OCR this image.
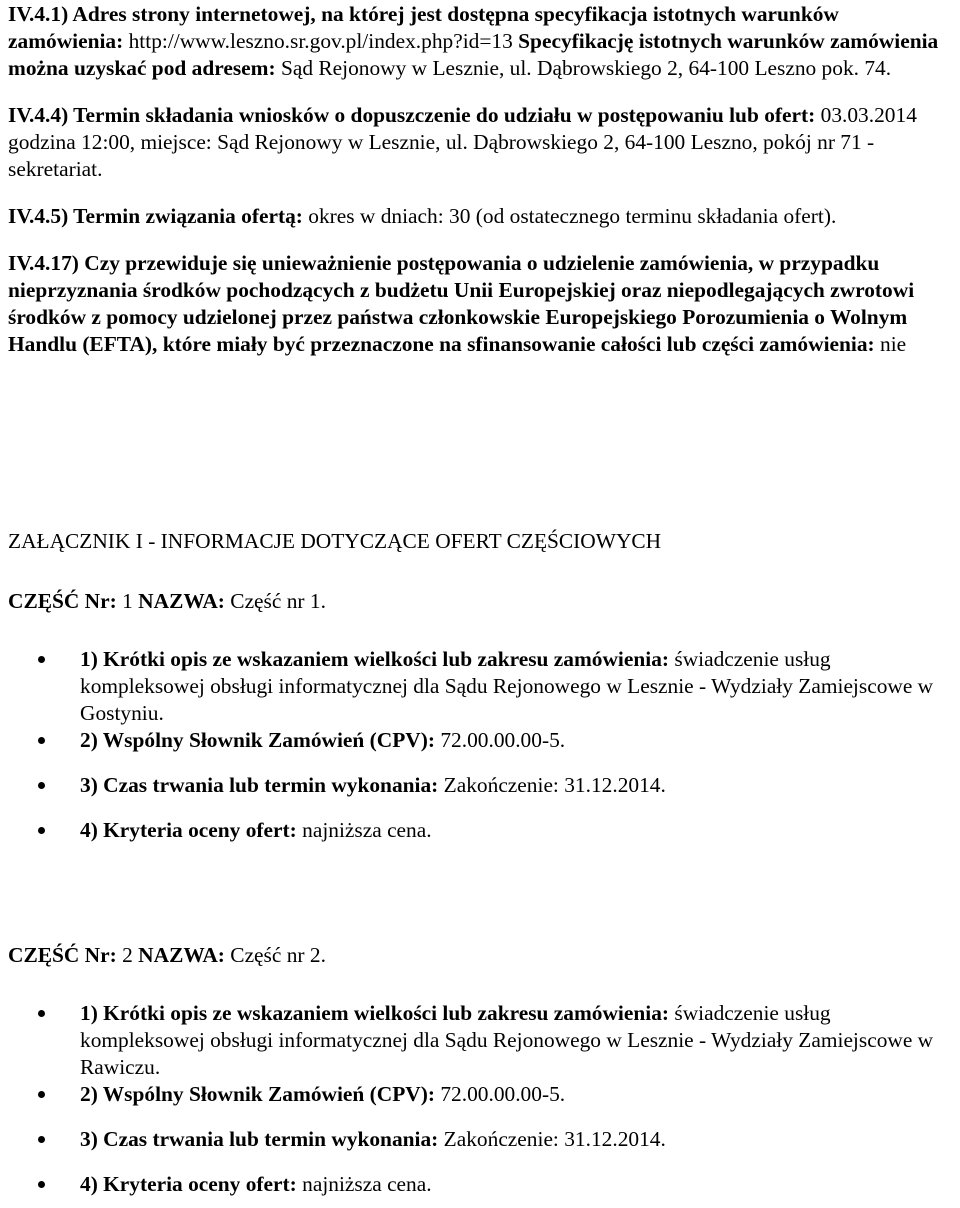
IV.4.1) Adres strony internetowej, na której jest dostępna specyfikacja istotnych warunków zamówienia: http://www.leszno.sr.gov.pl/index.php?id=13 Specyfikację istotnych warunków zamówienia można uzyskać pod adresem: Sąd Rejonowy w Lesznie, ul. Dąbrowskiego 2, 64-100 Leszno pok. 74.

IV.4.4) Termin składania wniosków o dopuszczenie do udziału w postępowaniu lub ofert: 03.03.2014 godzina 12:00, miejsce: Sąd Rejonowy w Lesznie, ul. Dąbrowskiego 2, 64-100 Leszno, pokój nr 71 - sekretariat.

IV.4.5) Termin związania ofertą: okres w dniach: 30 (od ostatecznego terminu składania ofert).

IV.4.17) Czy przewiduje się unieważnienie postępowania o udzielenie zamówienia, w przypadku nieprzyznania środków pochodzących z budżetu Unii Europejskiej oraz niepodlegających zwrotowi środków z pomocy udzielonej przez państwa członkowskie Europejskiego Porozumienia o Wolnym Handlu (EFTA), które miały być przeznaczone na sfinansowanie całości lub części zamówienia: nie

ZAŁĄCZNIK I - INFORMACJE DOTYCZĄCE OFERT CZĘŚCIOWYCH

CZĘŚĆ Nr: 1 NAZWA: Część nr 1.

1) Krótki opis ze wskazaniem wielkości lub zakresu zamówienia: świadczenie usług kompleksowej obsługi informatycznej dla Sądu Rejonowego w Lesznie - Wydziały Zamiejscowe w Gostyniu.
2) Wspólny Słownik Zamówień (CPV): 72.00.00.00-5.
3) Czas trwania lub termin wykonania: Zakończenie: 31.12.2014.
4) Kryteria oceny ofert: najniższa cena.

CZĘŚĆ Nr: 2 NAZWA: Część nr 2.

1) Krótki opis ze wskazaniem wielkości lub zakresu zamówienia: świadczenie usług kompleksowej obsługi informatycznej dla Sądu Rejonowego w Lesznie - Wydziały Zamiejscowe w Rawiczu.
2) Wspólny Słownik Zamówień (CPV): 72.00.00.00-5.
3) Czas trwania lub termin wykonania: Zakończenie: 31.12.2014.
4) Kryteria oceny ofert: najniższa cena.
